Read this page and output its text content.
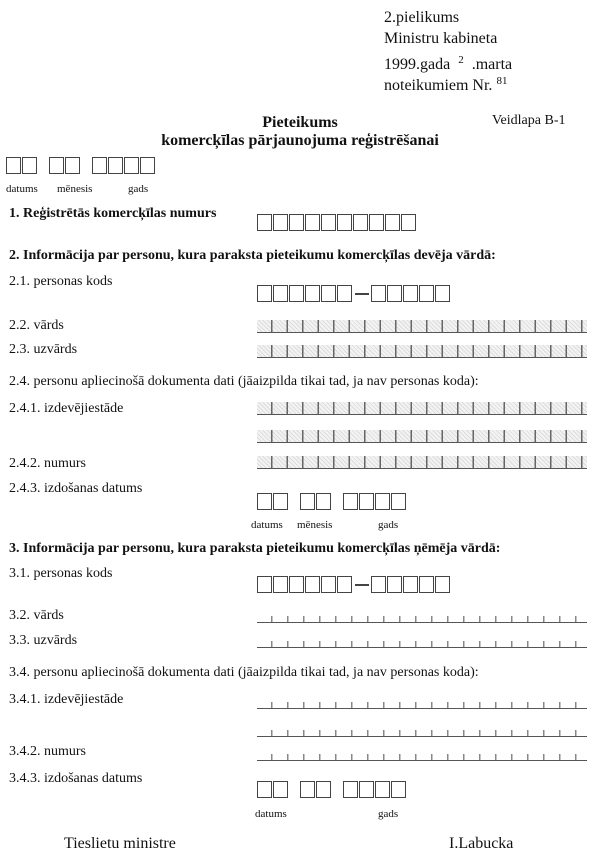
2.pielikums
Ministru kabineta
1999.gada $^2$ .marta
noteikumiem Nr. $^{81}$
Pieteikums
komercķīlas pārjaunojuma reģistrēšanai
Veidlapa B-1
datums mēnesis	gads
1. Reģistrētās komercķīlas numurs
2. Informācija par personu, kura paraksta pieteikumu komercķīlas devēja vārdā:
2.1. personas kods
2.2. vārds
2.3. uzvārds
2.4. personu apliecinošā dokumenta dati (jāaizpilda tikai tad, ja nav personas koda):
2.4.1. izdevējiestāde
2.4.2. numurs
2.4.3. izdošanas datums
datums mēnesis	gads
3. Informācija par personu, kura paraksta pieteikumu komercķīlas ņēmēja vārdā:
3.1. personas kods
3.2. vārds
3.3. uzvārds
3.4. personu apliecinošā dokumenta dati (jāaizpilda tikai tad, ja nav personas koda):
3.4.1. izdevējiestāde
3.4.2. numurs
3.4.3. izdošanas datums
datums	gads
Tieslietu ministre	I.Labucka
